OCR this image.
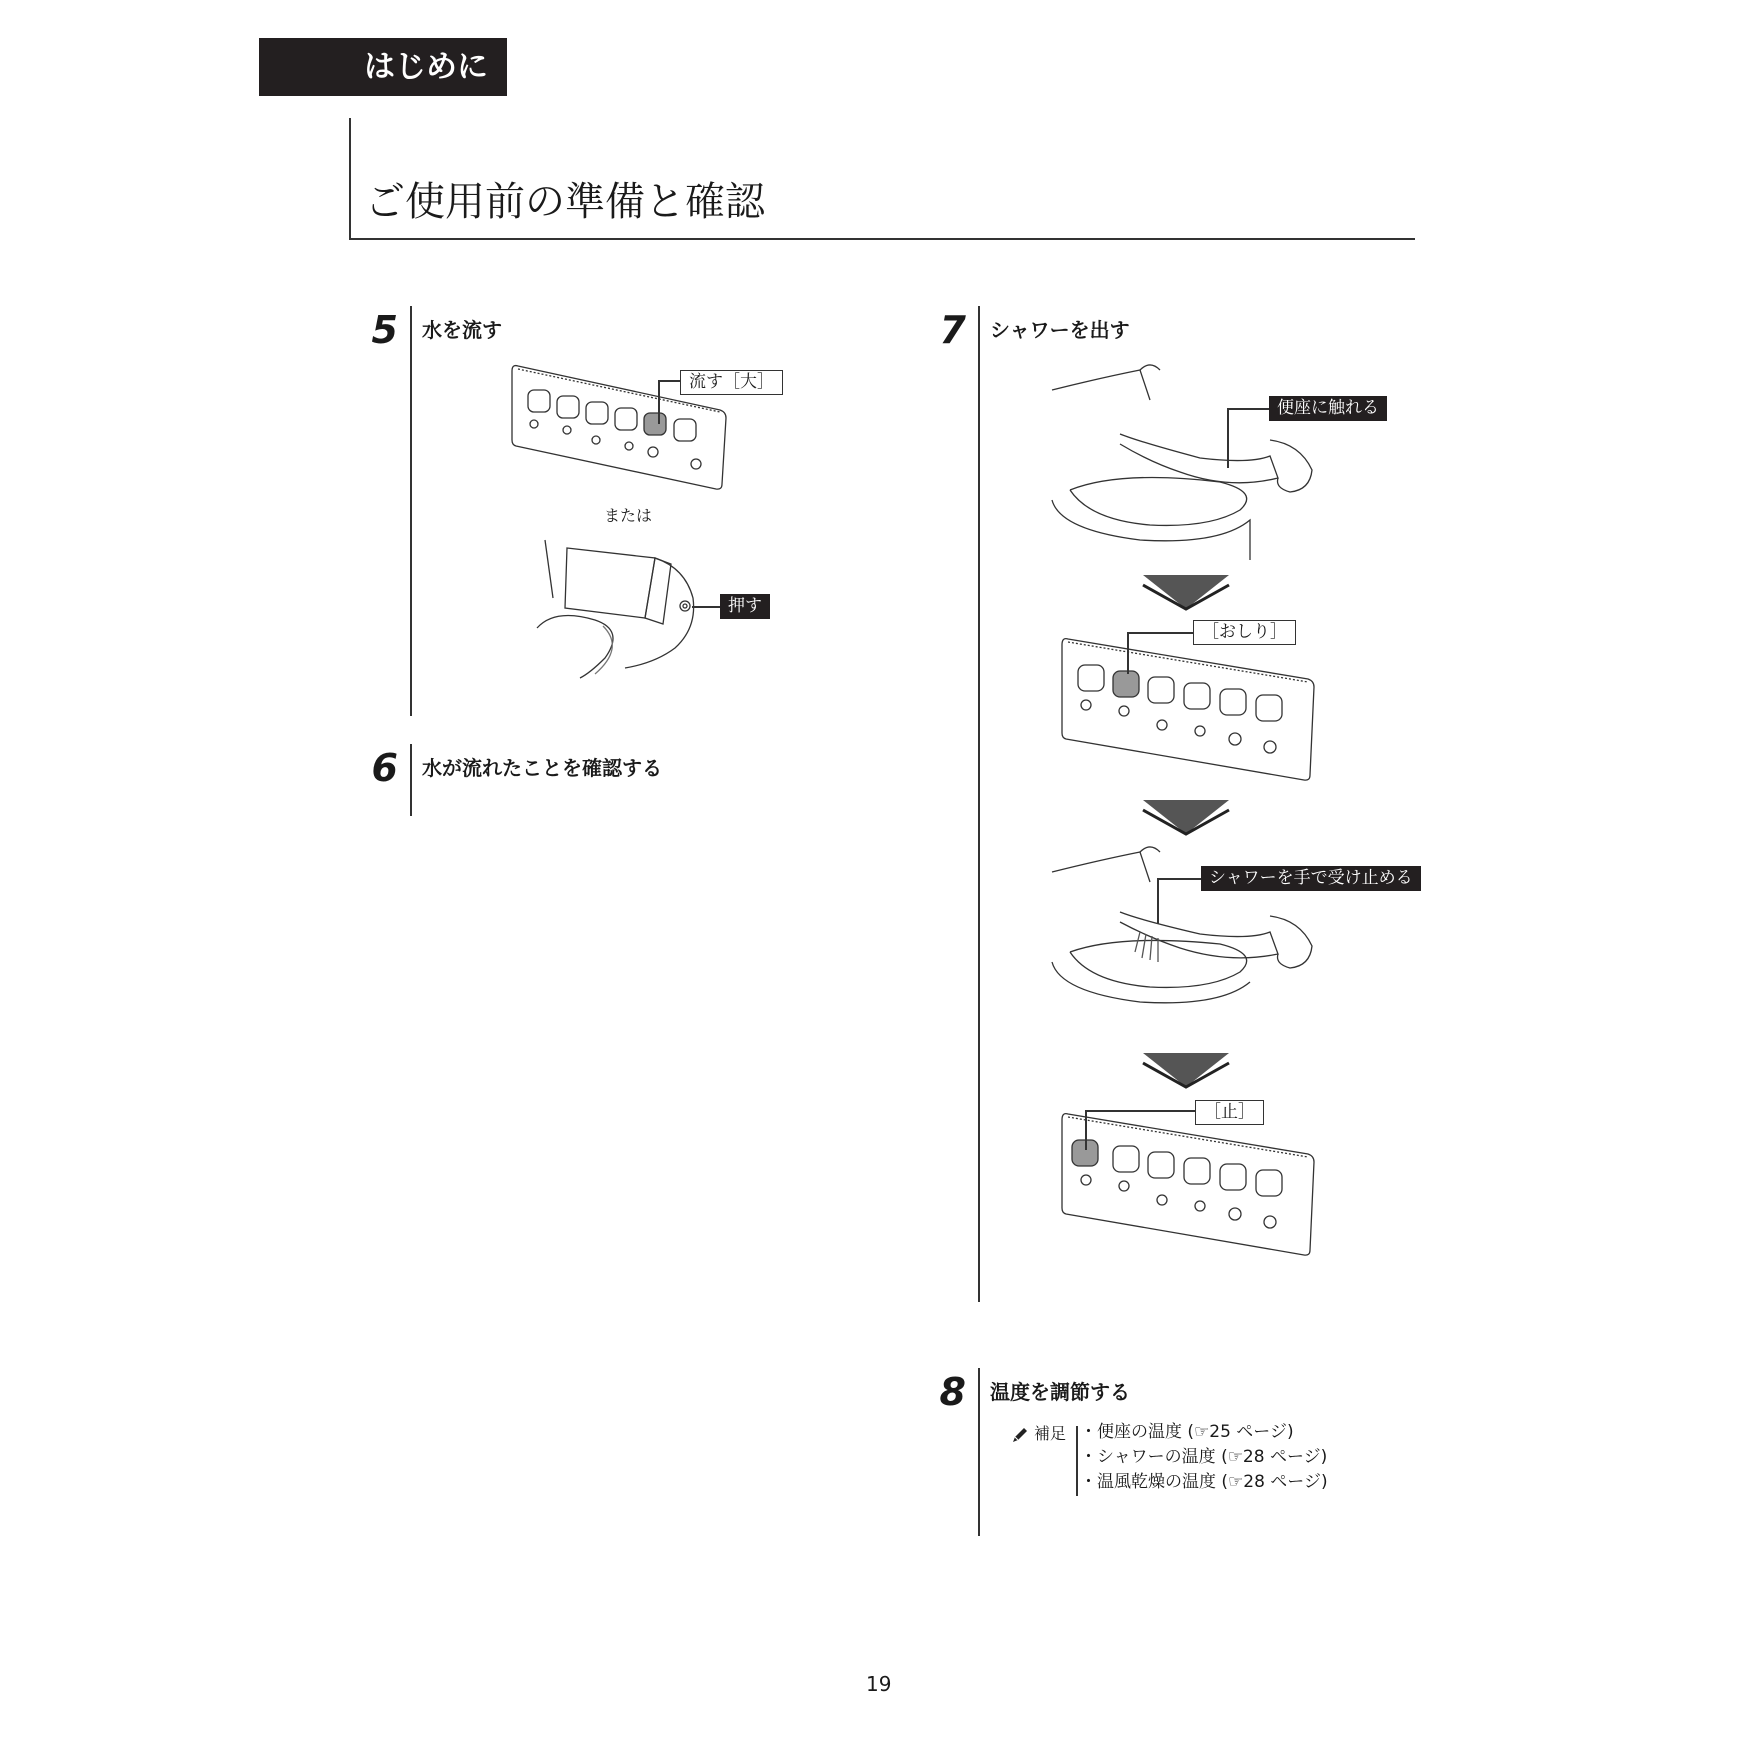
はじめに
ご使用前の準備と確認
5 水を流す
流す［大］
または
押す
6 水が流れたことを確認する
7 シャワーを出す
便座に触れる
［おしり］
シャワーを手で受け止める
［止］
8 温度を調節する
補足 ・便座の温度 (☞25 ページ)
・シャワーの温度 (☞28 ページ)
・温風乾燥の温度 (☞28 ページ)
19
